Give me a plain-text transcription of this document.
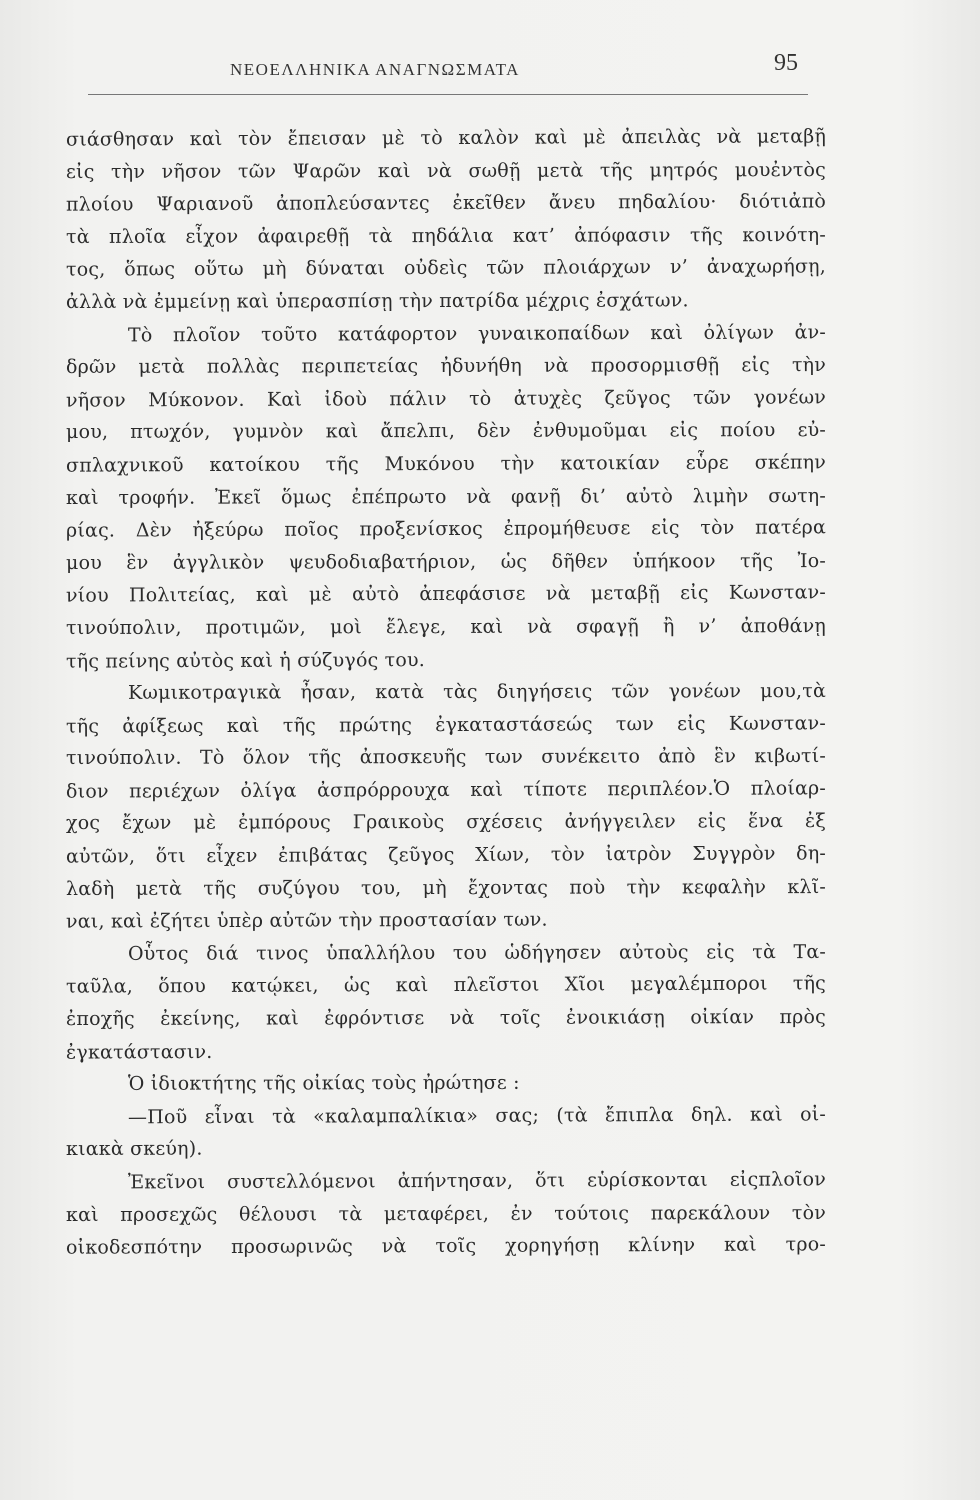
ΝΕΟΕΛΛΗΝΙΚΑ ΑΝΑΓΝΩΣΜΑΤΑ	95
σιάσθησαν καὶ τὸν ἔπεισαν μὲ τὸ καλὸν καὶ μὲ ἀπειλὰς νὰ μεταβῇ
εἰς τὴν νῆσον τῶν Ψαρῶν καὶ νὰ σωθῇ μετὰ τῆς μητρός μουἐντὸς
πλοίου Ψαριανοῦ ἀποπλεύσαντες ἐκεῖθεν ἄνευ πηδαλίου· διότιἀπὸ
τὰ πλοῖα εἶχον ἀφαιρεθῇ τὰ πηδάλια κατ’ ἀπόφασιν τῆς κοινότη-
τος, ὅπως οὕτω μὴ δύναται οὐδεὶς τῶν πλοιάρχων ν’ ἀναχωρήσῃ,
ἀλλὰ νὰ ἐμμείνῃ καὶ ὑπερασπίσῃ τὴν πατρίδα μέχρις ἐσχάτων.
Τὸ πλοῖον τοῦτο κατάφορτον γυναικοπαίδων καὶ ὀλίγων ἀν-
δρῶν μετὰ πολλὰς περιπετείας ἠδυνήθη νὰ προσορμισθῇ εἰς τὴν
νῆσον Μύκονον. Καὶ ἰδοὺ πάλιν τὸ ἀτυχὲς ζεῦγος τῶν γονέων
μου, πτωχόν, γυμνὸν καὶ ἄπελπι, δὲν ἐνθυμοῦμαι εἰς ποίου εὐ-
σπλαχνικοῦ κατοίκου τῆς Μυκόνου τὴν κατοικίαν εὗρε σκέπην
καὶ τροφήν. Ἐκεῖ ὅμως ἐπέπρωτο νὰ φανῇ δι’ αὐτὸ λιμὴν σωτη-
ρίας. Δὲν ἠξεύρω ποῖος προξενίσκος ἐπρομήθευσε εἰς τὸν πατέρα
μου ἓν ἀγγλικὸν ψευδοδιαβατήριον, ὡς δῆθεν ὑπήκοον τῆς Ἰο-
νίου Πολιτείας, καὶ μὲ αὐτὸ ἀπεφάσισε νὰ μεταβῇ εἰς Κωνσταν-
τινούπολιν, προτιμῶν, μοὶ ἔλεγε, καὶ νὰ σφαγῇ ἢ ν’ ἀποθάνῃ
τῆς πείνης αὐτὸς καὶ ἡ σύζυγός του.
Κωμικοτραγικὰ ἦσαν, κατὰ τὰς διηγήσεις τῶν γονέων μου,τὰ
τῆς ἀφίξεως καὶ τῆς πρώτης ἐγκαταστάσεώς των εἰς Κωνσταν-
τινούπολιν. Τὸ ὅλον τῆς ἀποσκευῆς των συνέκειτο ἀπὸ ἓν κιβωτί-
διον περιέχων ὀλίγα ἀσπρόρρουχα καὶ τίποτε περιπλέον.Ὁ πλοίαρ-
χος ἔχων μὲ ἐμπόρους Γραικοὺς σχέσεις ἀνήγγειλεν εἰς ἕνα ἐξ
αὐτῶν, ὅτι εἶχεν ἐπιβάτας ζεῦγος Χίων, τὸν ἰατρὸν Συγγρὸν δη-
λαδὴ μετὰ τῆς συζύγου του, μὴ ἔχοντας ποὺ τὴν κεφαλὴν κλῖ-
ναι, καὶ ἐζήτει ὑπὲρ αὐτῶν τὴν προστασίαν των.
Οὗτος διά τινος ὑπαλλήλου του ὡδήγησεν αὐτοὺς εἰς τὰ Τα-
ταῦλα, ὅπου κατῴκει, ὡς καὶ πλεῖστοι Χῖοι μεγαλέμποροι τῆς
ἐποχῆς ἐκείνης, καὶ ἐφρόντισε νὰ τοῖς ἐνοικιάσῃ οἰκίαν πρὸς
ἐγκατάστασιν.
Ὁ ἰδιοκτήτης τῆς οἰκίας τοὺς ἠρώτησε :
—Ποῦ εἶναι τὰ «καλαμπαλίκια» σας; (τὰ ἔπιπλα δηλ. καὶ οἰ-
κιακὰ σκεύη).
Ἐκεῖνοι συστελλόμενοι ἀπήντησαν, ὅτι εὑρίσκονται εἰςπλοῖον
καὶ προσεχῶς θέλουσι τὰ μεταφέρει, ἐν τούτοις παρεκάλουν τὸν
οἰκοδεσπότην προσωρινῶς νὰ τοῖς χορηγήσῃ κλίνην καὶ τρο-
